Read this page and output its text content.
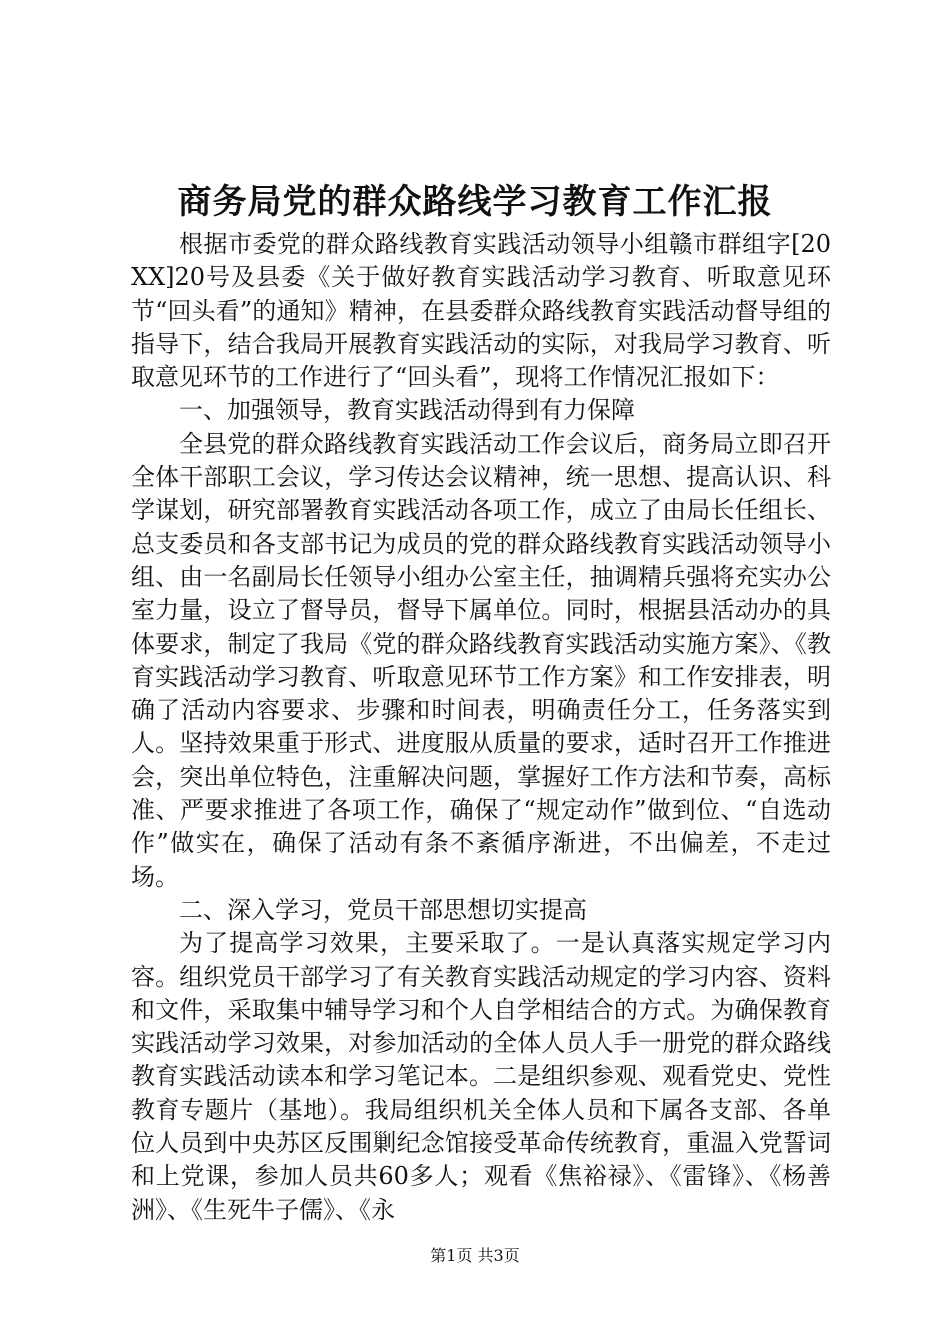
商务局党的群众路线学习教育工作汇报

根据市委党的群众路线教育实践活动领导小组赣市群组字[20XX]20号及县委《关于做好教育实践活动学习教育、听取意见环节“回头看”的通知》精神，在县委群众路线教育实践活动督导组的指导下，结合我局开展教育实践活动的实际，对我局学习教育、听取意见环节的工作进行了“回头看”，现将工作情况汇报如下：

一、加强领导，教育实践活动得到有力保障

全县党的群众路线教育实践活动工作会议后，商务局立即召开全体干部职工会议，学习传达会议精神，统一思想、提高认识、科学谋划，研究部署教育实践活动各项工作，成立了由局长任组长、总支委员和各支部书记为成员的党的群众路线教育实践活动领导小组、由一名副局长任领导小组办公室主任，抽调精兵强将充实办公室力量，设立了督导员，督导下属单位。同时，根据县活动办的具体要求，制定了我局《党的群众路线教育实践活动实施方案》、《教育实践活动学习教育、听取意见环节工作方案》和工作安排表，明确了活动内容要求、步骤和时间表，明确责任分工，任务落实到人。坚持效果重于形式、进度服从质量的要求，适时召开工作推进会，突出单位特色，注重解决问题，掌握好工作方法和节奏，高标准、严要求推进了各项工作，确保了“规定动作”做到位、“自选动作”做实在，确保了活动有条不紊循序渐进，不出偏差，不走过场。

二、深入学习，党员干部思想切实提高

为了提高学习效果，主要采取了。一是认真落实规定学习内容。组织党员干部学习了有关教育实践活动规定的学习内容、资料和文件，采取集中辅导学习和个人自学相结合的方式。为确保教育实践活动学习效果，对参加活动的全体人员人手一册党的群众路线教育实践活动读本和学习笔记本。二是组织参观、观看党史、党性教育专题片（基地）。我局组织机关全体人员和下属各支部、各单位人员到中央苏区反围剿纪念馆接受革命传统教育，重温入党誓词和上党课，参加人员共60多人；观看《焦裕禄》、《雷锋》、《杨善洲》、《生死牛子儒》、《永

第1页 共3页
